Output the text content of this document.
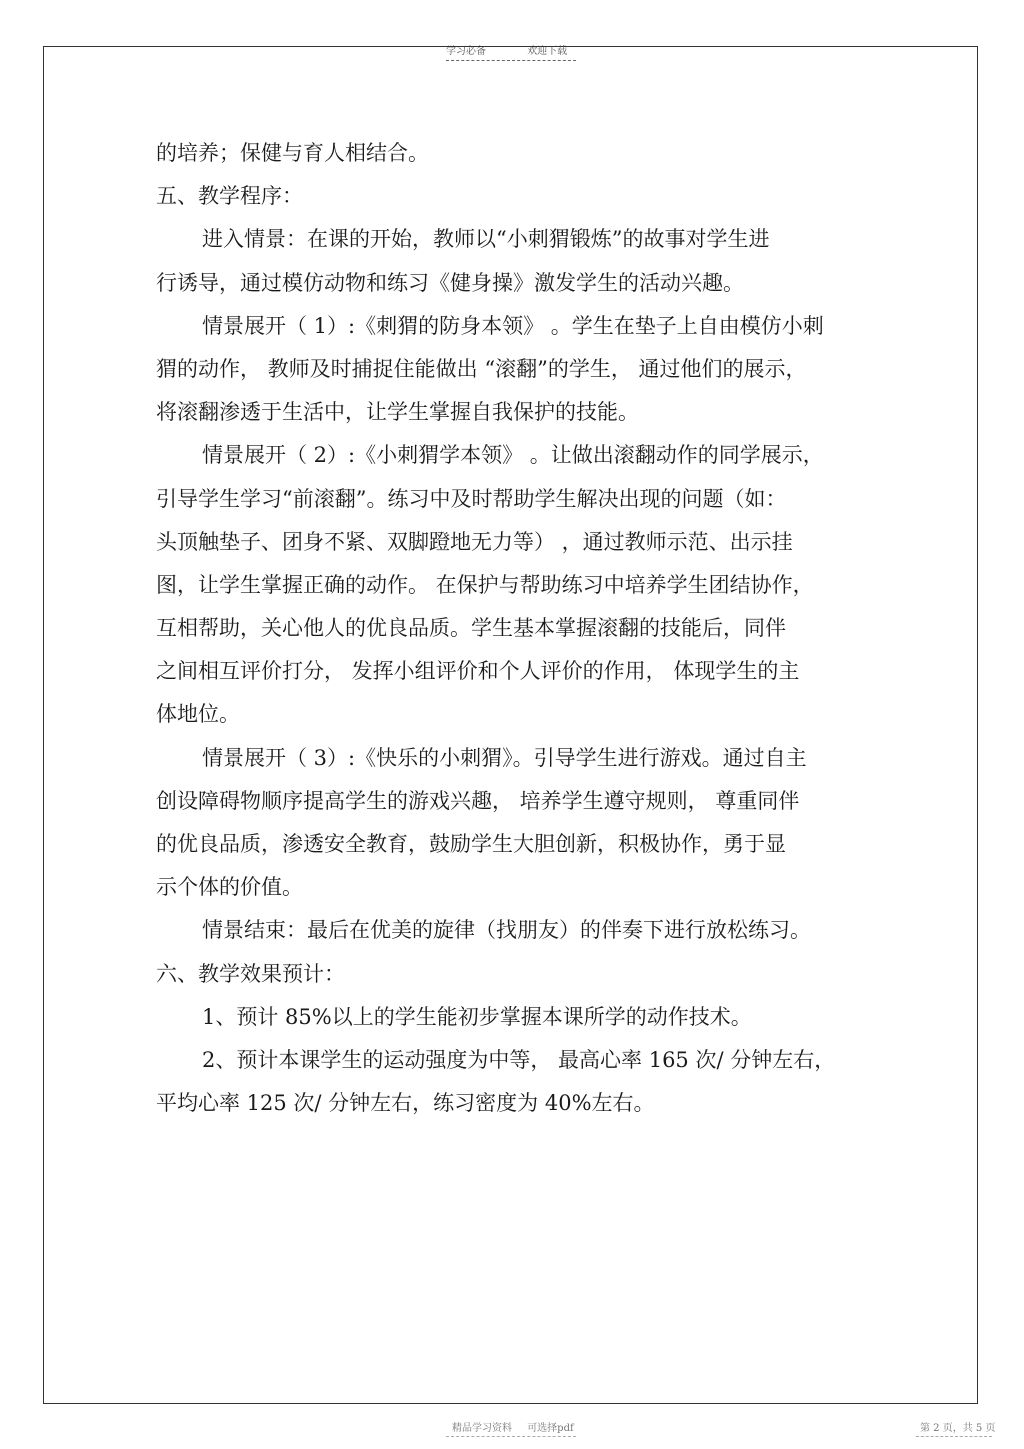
学习必备	欢迎下载
的培养；保健与育人相结合。
五、教学程序：
进入情景：在课的开始，教师以“小刺猬锻炼”的故事对学生进
行诱导，通过模仿动物和练习《健身操》激发学生的活动兴趣。
情景展开（ 1）:《刺猬的防身本领》 。学生在垫子上自由模仿小刺
猬的动作， 教师及时捕捉住能做出 “滚翻”的学生， 通过他们的展示，
将滚翻渗透于生活中，让学生掌握自我保护的技能。
情景展开（ 2）:《小刺猬学本领》 。让做出滚翻动作的同学展示，
引导学生学习“前滚翻”。练习中及时帮助学生解决出现的问题（如：
头顶触垫子、团身不紧、双脚蹬地无力等） ，通过教师示范、出示挂
图，让学生掌握正确的动作。 在保护与帮助练习中培养学生团结协作，
互相帮助，关心他人的优良品质。学生基本掌握滚翻的技能后，同伴
之间相互评价打分， 发挥小组评价和个人评价的作用， 体现学生的主
体地位。
情景展开（ 3）:《快乐的小刺猬》。引导学生进行游戏。通过自主
创设障碍物顺序提高学生的游戏兴趣， 培养学生遵守规则， 尊重同伴
的优良品质，渗透安全教育，鼓励学生大胆创新，积极协作，勇于显
示个体的价值。
情景结束：最后在优美的旋律（找朋友）的伴奏下进行放松练习。
六、教学效果预计：
1、预计 85%以上的学生能初步掌握本课所学的动作技术。
2、预计本课学生的运动强度为中等， 最高心率 165 次/ 分钟左右，
平均心率 125 次/ 分钟左右，练习密度为 40%左右。
精品学习资料 可选择pdf	第 2 页，共 5 页
